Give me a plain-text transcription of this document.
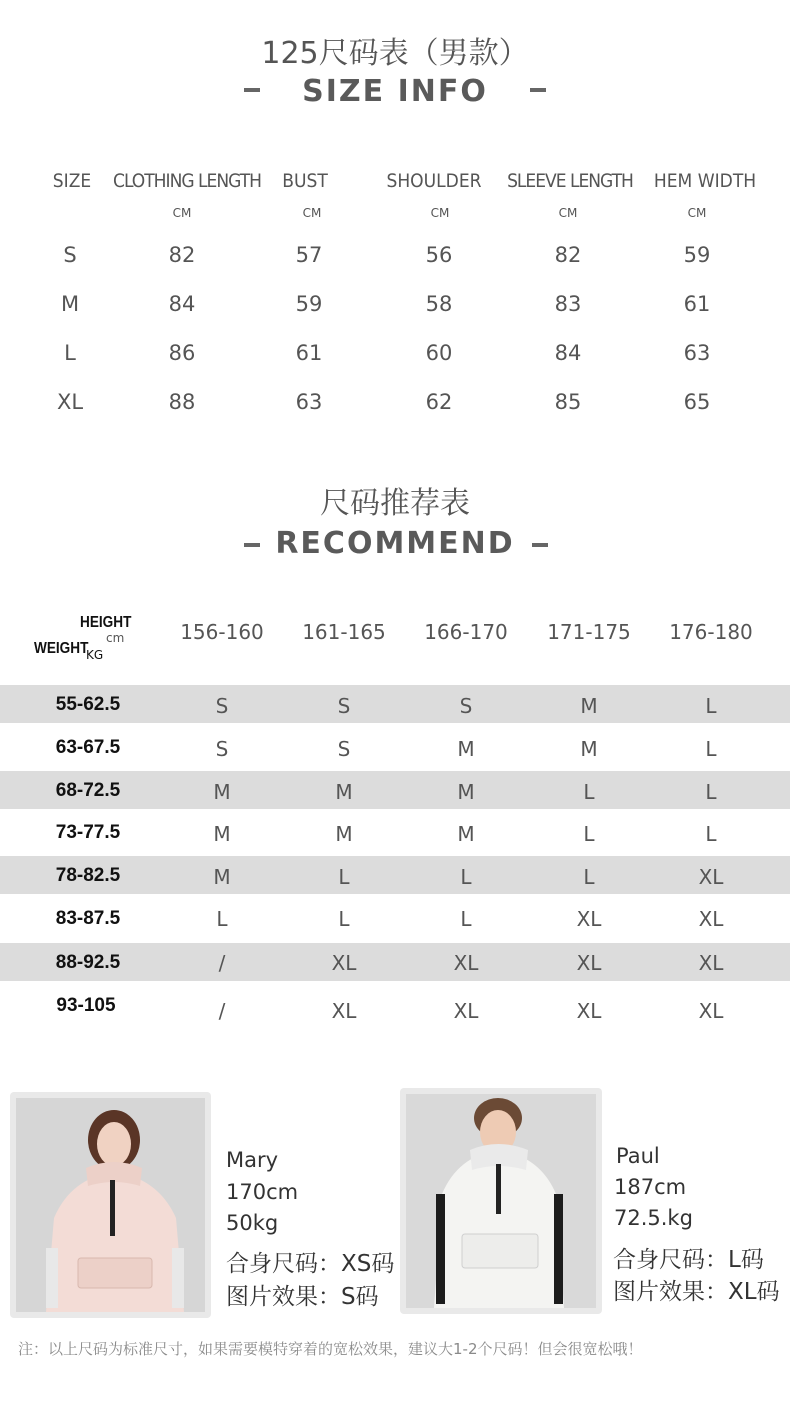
125尺码表（男款）
SIZE INFO
SIZE	CLOTHING LENGTH	BUST	SHOULDER	SLEEVE LENGTH	HEM WIDTH
CM	CM	CM	CM	CM
S	82	57	56	82	59
M	84	59	58	83	61
L	86	61	60	84	63
XL	88	63	62	85	65
尺码推荐表
RECOMMEND
HEIGHT
cm
WEIGHT
KG
156-160	161-165	166-170	171-175	176-180
55-62.5	S	S	S	M	L
63-67.5	S	S	M	M	L
68-72.5	M	M	M	L	L
73-77.5	M	M	M	L	L
78-82.5	M	L	L	L	XL
83-87.5	L	L	L	XL	XL
88-92.5	/	XL	XL	XL	XL
93-105	/	XL	XL	XL	XL
Mary
170cm
50kg
合身尺码：XS码
图片效果：S码
Paul
187cm
72.5.kg
合身尺码：L码
图片效果：XL码
注：以上尺码为标准尺寸，如果需要模特穿着的宽松效果，建议大1-2个尺码！但会很宽松哦！
